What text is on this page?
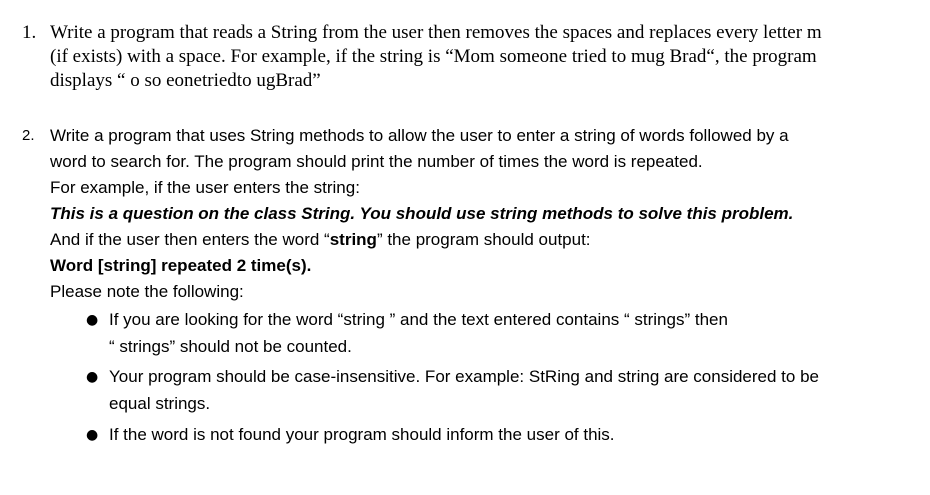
1. Write a program that reads a String from the user then removes the spaces and replaces every letter m
(if exists) with a space. For example, if the string is “Mom someone tried to mug Brad“, the program
displays “ o so eonetriedto ugBrad”
2. Write a program that uses String methods to allow the user to enter a string of words followed by a
word to search for. The program should print the number of times the word is repeated.
For example, if the user enters the string:
This is a question on the class String. You should use string methods to solve this problem.
And if the user then enters the word “string” the program should output:
Word [string] repeated 2 time(s).
Please note the following:
● If you are looking for the word “string ” and the text entered contains “ strings” then
“ strings” should not be counted.
● Your program should be case-insensitive. For example: StRing and string are considered to be
equal strings.
● If the word is not found your program should inform the user of this.
